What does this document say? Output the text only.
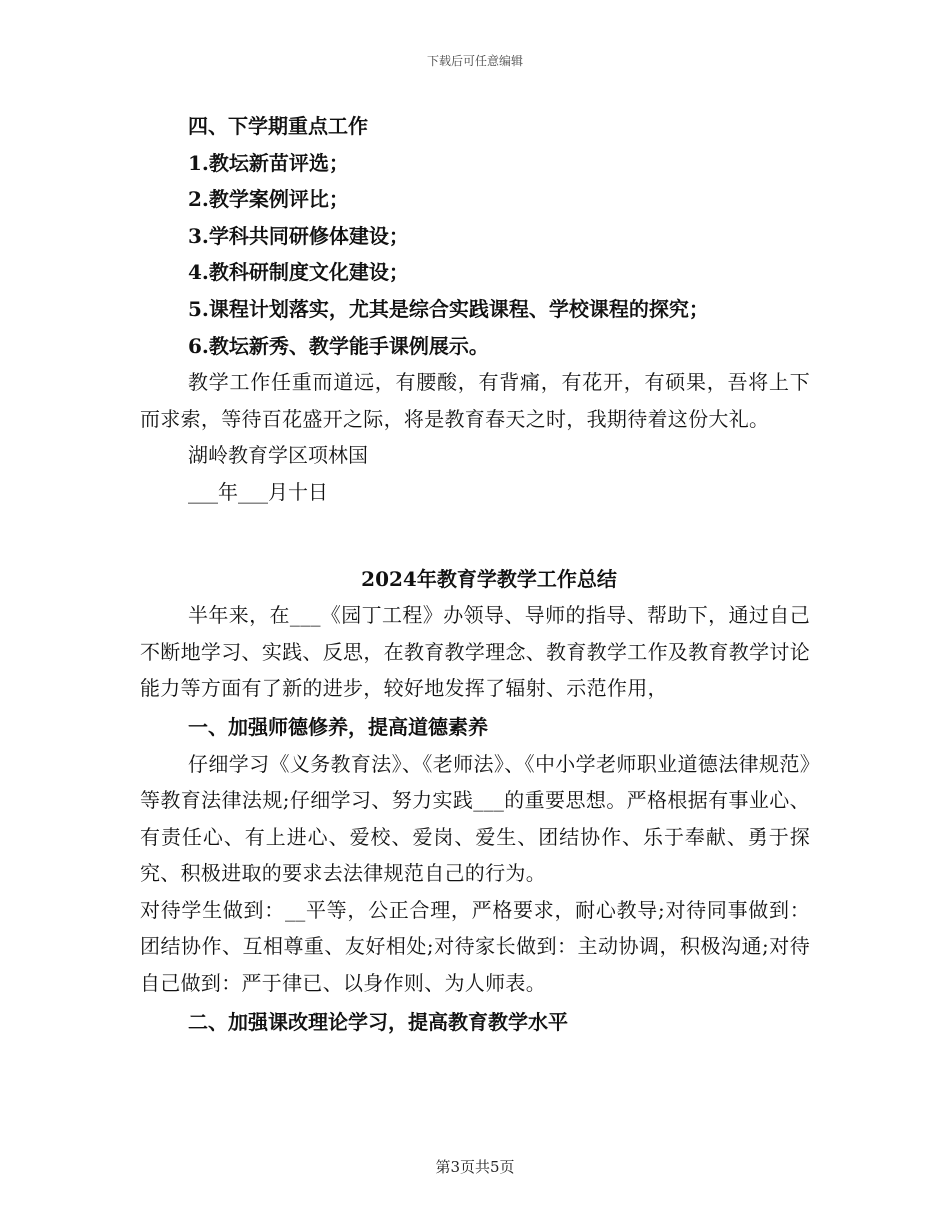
下载后可任意编辑

四、下学期重点工作

1.教坛新苗评选；

2.教学案例评比；

3.学科共同研修体建设；

4.教科研制度文化建设；

5.课程计划落实，尤其是综合实践课程、学校课程的探究；

6.教坛新秀、教学能手课例展示。

教学工作任重而道远，有腰酸，有背痛，有花开，有硕果，吾将上下而求索，等待百花盛开之际，将是教育春天之时，我期待着这份大礼。

湖岭教育学区项林国

___年___月十日

2024年教育学教学工作总结

半年来，在___《园丁工程》办领导、导师的指导、帮助下，通过自己不断地学习、实践、反思，在教育教学理念、教育教学工作及教育教学讨论能力等方面有了新的进步，较好地发挥了辐射、示范作用，

一、加强师德修养，提高道德素养

仔细学习《义务教育法》、《老师法》、《中小学老师职业道德法律规范》等教育法律法规;仔细学习、努力实践___的重要思想。严格根据有事业心、有责任心、有上进心、爱校、爱岗、爱生、团结协作、乐于奉献、勇于探究、积极进取的要求去法律规范自己的行为。

对待学生做到：__平等，公正合理，严格要求，耐心教导;对待同事做到：团结协作、互相尊重、友好相处;对待家长做到：主动协调，积极沟通;对待自己做到：严于律已、以身作则、为人师表。

二、加强课改理论学习，提高教育教学水平

第3页共5页
